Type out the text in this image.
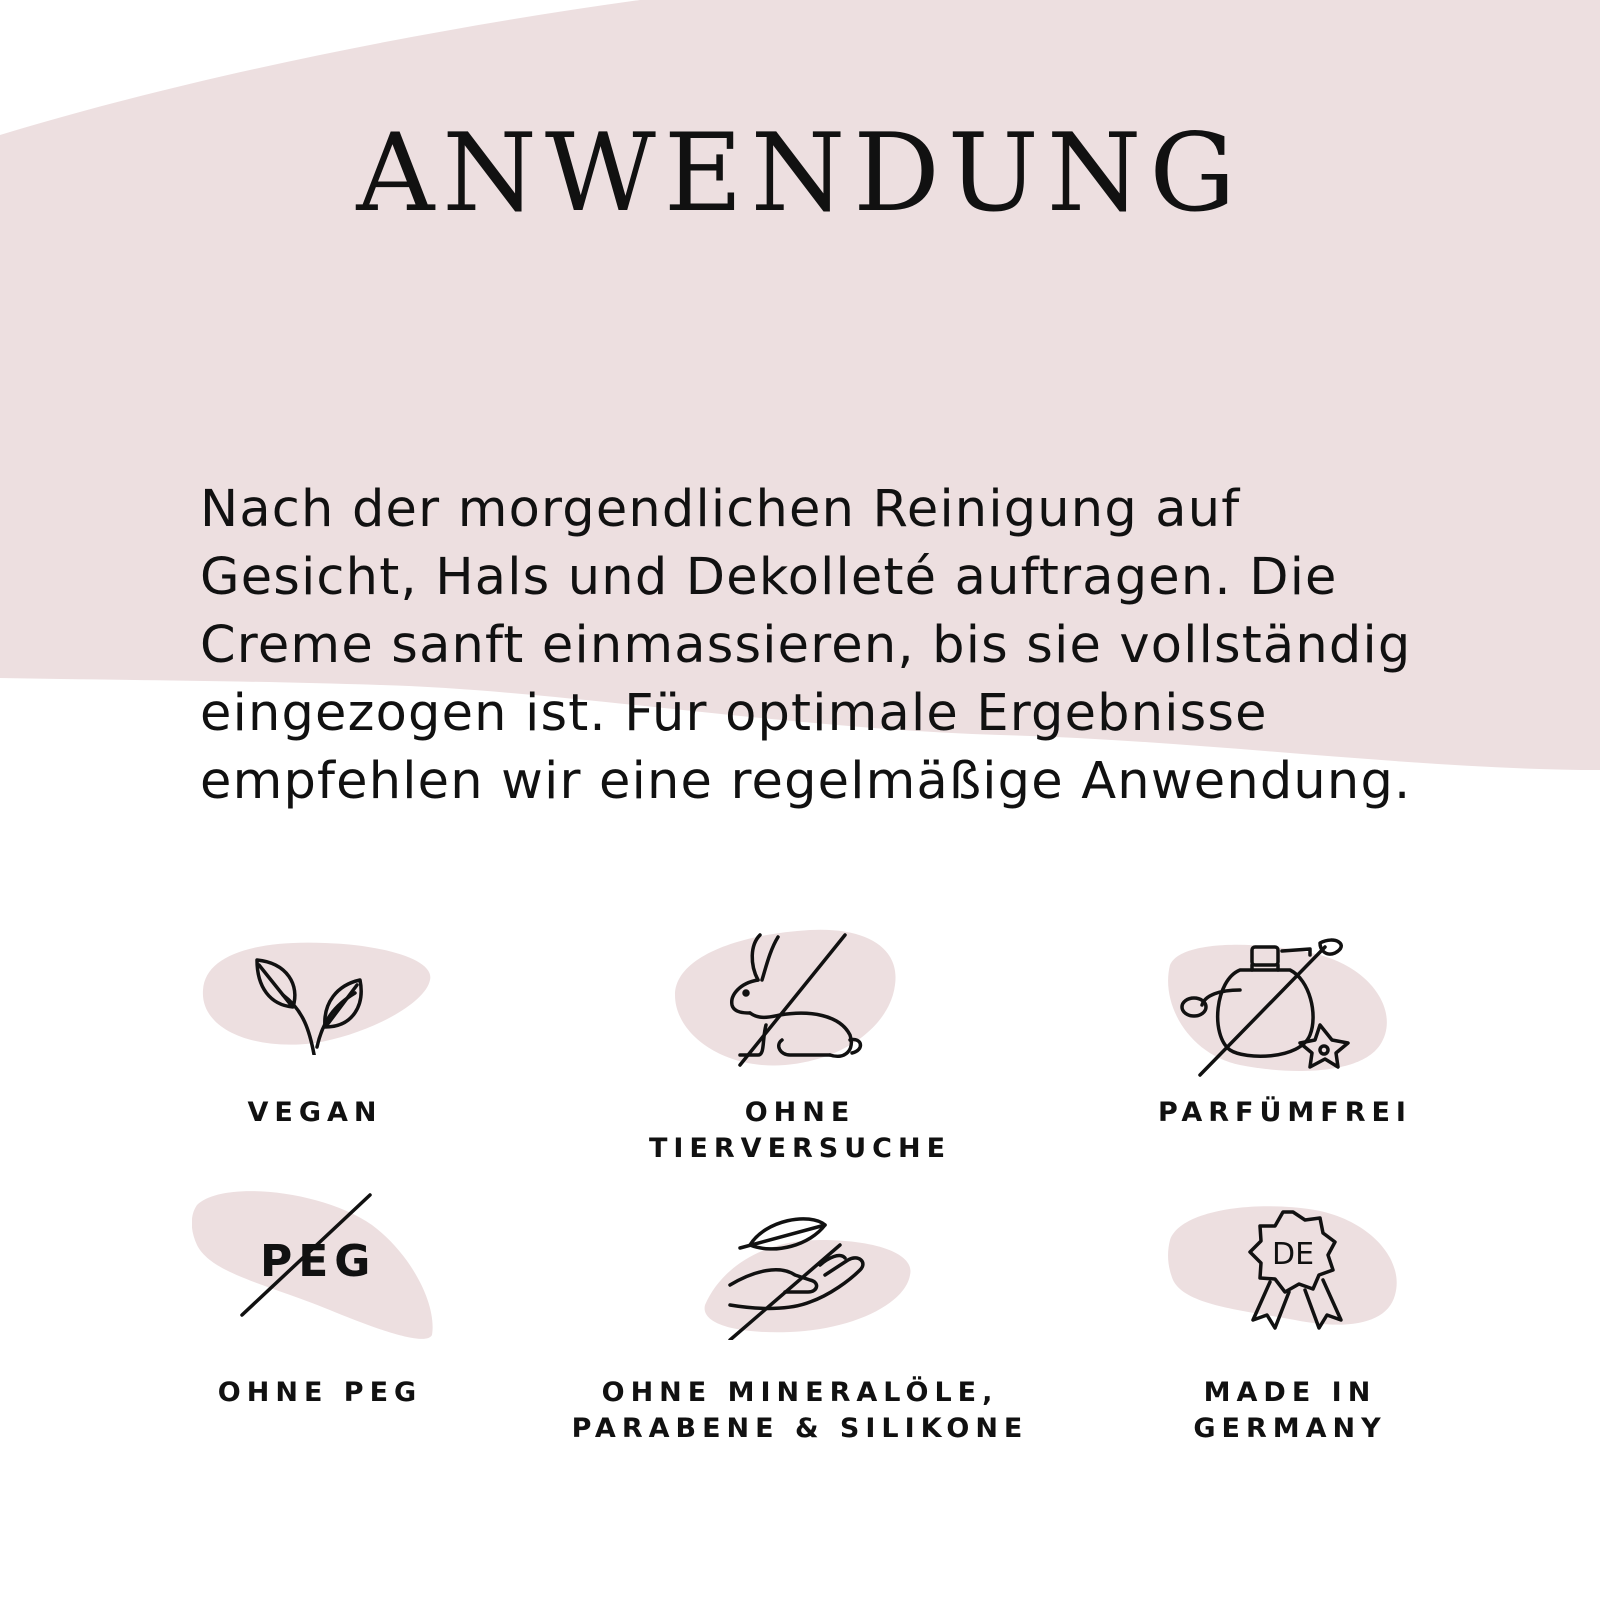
ANWENDUNG

Nach der morgendlichen Reinigung auf Gesicht, Hals und Dekolleté auftragen. Die Creme sanft einmassieren, bis sie vollständig eingezogen ist. Für optimale Ergebnisse empfehlen wir eine regelmäßige Anwendung.

VEGAN	OHNE
TIERVERSUCHE
PARFÜMFREI
PEG
OHNE PEG	OHNE MINERALÖLE,
PARABENE & SILIKONE
DE
MADE IN
GERMANY
